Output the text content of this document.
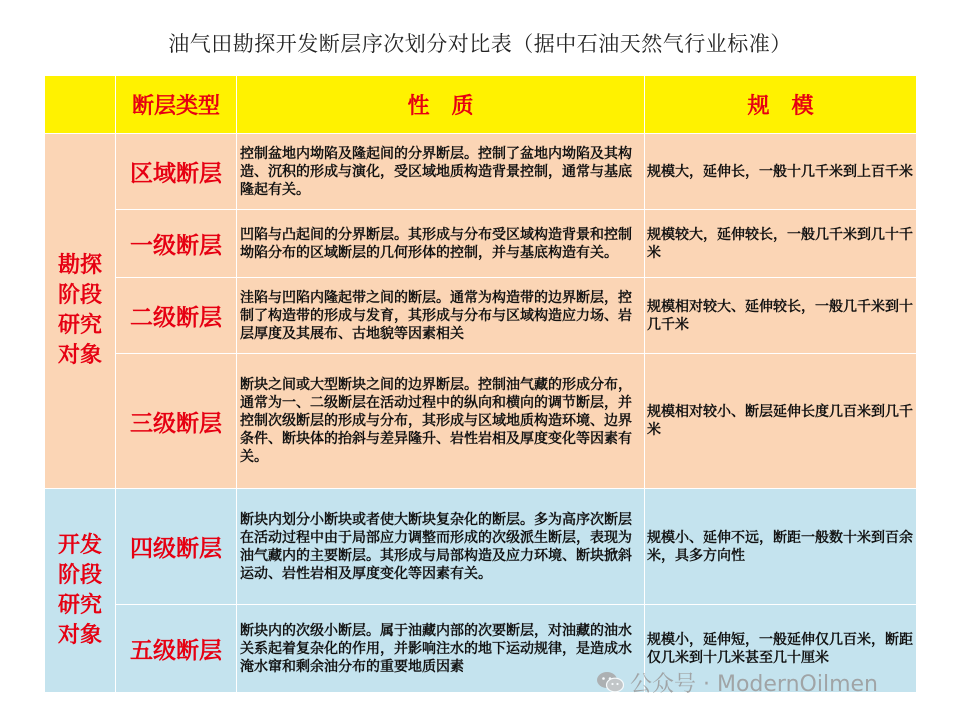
油气田勘探开发断层序次划分对比表（据中石油天然气行业标准）
	断层类型	性　质	规　模

勘探
阶段
研究
对象	区域断层	控制盆地内坳陷及隆起间的分界断层。控制了盆地内坳陷及其构造、沉积的形成与演化，受区域地质构造背景控制，通常与基底隆起有关。	规模大，延伸长，一般十几千米到上百千米
	一级断层	凹陷与凸起间的分界断层。其形成与分布受区域构造背景和控制坳陷分布的区域断层的几何形体的控制，并与基底构造有关。	规模较大，延伸较长，一般几千米到几十千米
	二级断层	洼陷与凹陷内隆起带之间的断层。通常为构造带的边界断层，控制了构造带的形成与发育，其形成与分布与区域构造应力场、岩层厚度及其展布、古地貌等因素相关	规模相对较大、延伸较长，一般几千米到十几千米
	三级断层	断块之间或大型断块之间的边界断层。控制油气藏的形成分布，通常为一、二级断层在活动过程中的纵向和横向的调节断层，并控制次级断层的形成与分布，其形成与区域地质构造环境、边界条件、断块体的抬斜与差异隆升、岩性岩相及厚度变化等因素有关。	规模相对较小、断层延伸长度几百米到几千米

开发
阶段
研究
对象	四级断层	断块内划分小断块或者使大断块复杂化的断层。多为高序次断层在活动过程中由于局部应力调整而形成的次级派生断层，表现为油气藏内的主要断层。其形成与局部构造及应力环境、断块掀斜运动、岩性岩相及厚度变化等因素有关。	规模小、延伸不远，断距一般数十米到百余米，具多方向性
	五级断层	断块内的次级小断层。属于油藏内部的次要断层，对油藏的油水关系起着复杂化的作用，并影响注水的地下运动规律，是造成水淹水窜和剩余油分布的重要地质因素	规模小，延伸短，一般延伸仅几百米，断距仅几米到十几米甚至几十厘米
公众号 · ModernOilmen
